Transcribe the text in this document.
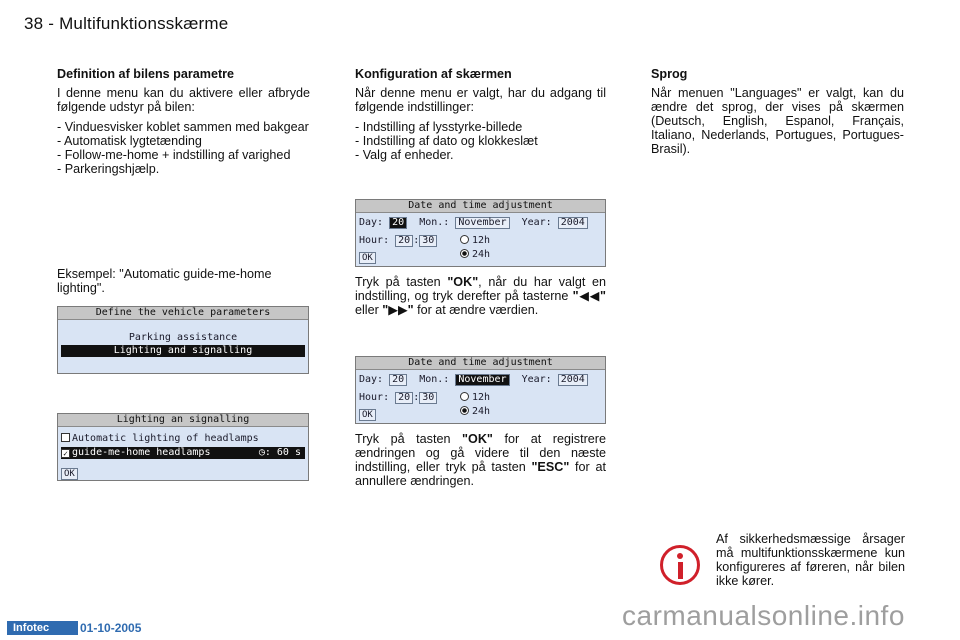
38 - Multifunktionsskærme
Definition af bilens parametre

I denne menu kan du aktivere eller afbryde følgende udstyr på bilen:

- Vinduesvisker koblet sammen med bakgear
- Automatisk lygtetænding
- Follow-me-home + indstilling af varighed
- Parkeringshjælp.
Eksempel: "Automatic guide-me-home lighting".
Define the vehicle parameters
Parking assistance
Lighting and signalling
Lighting an signalling
Automatic lighting of headlamps
✓ guide-me-home headlamps	◷: 60 s
OK
Konfiguration af skærmen

Når denne menu er valgt, har du adgang til følgende indstillinger:

- Indstilling af lysstyrke-billede
- Indstilling af dato og klokkeslæt
- Valg af enheder.
Date and time adjustment
Day: 20 Mon.: November Year: 2004
Hour: 20 : 30	12h
24h
OK
Tryk på tasten "OK", når du har valgt en indstilling, og tryk derefter på tasterne "◀◀" eller "▶▶" for at ændre værdien.
Date and time adjustment
Day: 20 Mon.: November Year: 2004
Hour: 20 : 30	12h
24h
OK
Tryk på tasten "OK" for at registrere ændringen og gå videre til den næste indstilling, eller tryk på tasten "ESC" for at annullere ændringen.
Sprog

Når menuen "Languages" er valgt, kan du ændre det sprog, der vises på skærmen (Deutsch, English, Espanol, Français, Italiano, Nederlands, Portugues, Portugues-Brasil).

Af sikkerhedsmæssige årsager må multifunktionsskærmene kun konfigureres af føreren, når bilen ikke kører.
Infotec	01-10-2005	carmanualsonline.info
